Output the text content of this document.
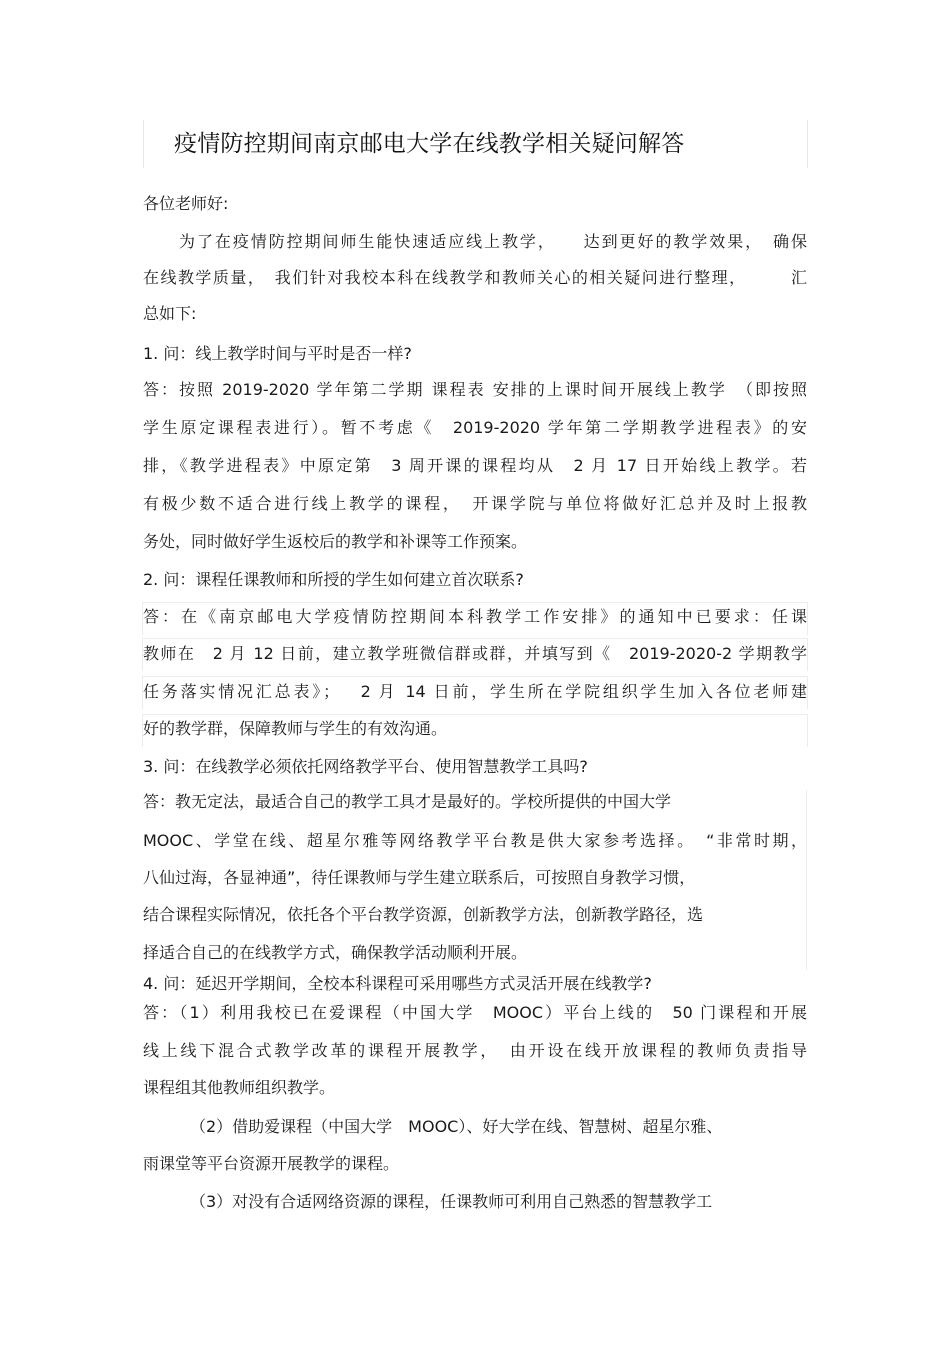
疫情防控期间南京邮电大学在线教学相关疑问解答
各位老师好:
为了在疫情防控期间师生能快速适应线上教学，　　达到更好的教学效果，　确保
在线教学质量，　我们针对我校本科在线教学和教师关心的相关疑问进行整理，　　　汇
总如下:
1. 问：线上教学时间与平时是否一样?
答：按照 2019-2020 学年第二学期 课程表 安排的上课时间开展线上教学　（即按照
学生原定课程表进行）。暂不考虑《　2019-2020 学年第二学期教学进程表》的安
排，《教学进程表》中原定第　3 周开课的课程均从　2 月 17 日开始线上教学。若
有极少数不适合进行线上教学的课程，　开课学院与单位将做好汇总并及时上报教
务处，同时做好学生返校后的教学和补课等工作预案。
2. 问：课程任课教师和所授的学生如何建立首次联系?
答：在《南京邮电大学疫情防控期间本科教学工作安排》的通知中已要求：任课
教师在　2 月 12 日前，建立教学班微信群或群，并填写到《　2019-2020-2 学期教学
任务落实情况汇总表》；　 2 月 14 日前，学生所在学院组织学生加入各位老师建
好的教学群，保障教师与学生的有效沟通。
3. 问：在线教学必须依托网络教学平台、使用智慧教学工具吗?
答：教无定法，最适合自己的教学工具才是最好的。学校所提供的中国大学
MOOC、学堂在线、超星尔雅等网络教学平台教是供大家参考选择。　“非常时期，
八仙过海，各显神通”，待任课教师与学生建立联系后，可按照自身教学习惯，
结合课程实际情况，依托各个平台教学资源，创新教学方法，创新教学路径，选
择适合自己的在线教学方式，确保教学活动顺利开展。
4. 问：延迟开学期间，全校本科课程可采用哪些方式灵活开展在线教学?
答：（1）利用我校已在爱课程（中国大学　MOOC）平台上线的　50 门课程和开展
线上线下混合式教学改革的课程开展教学，　由开设在线开放课程的教师负责指导
课程组其他教师组织教学。
（2）借助爱课程（中国大学　MOOC）、好大学在线、智慧树、超星尔雅、
雨课堂等平台资源开展教学的课程。
（3）对没有合适网络资源的课程，任课教师可利用自己熟悉的智慧教学工
